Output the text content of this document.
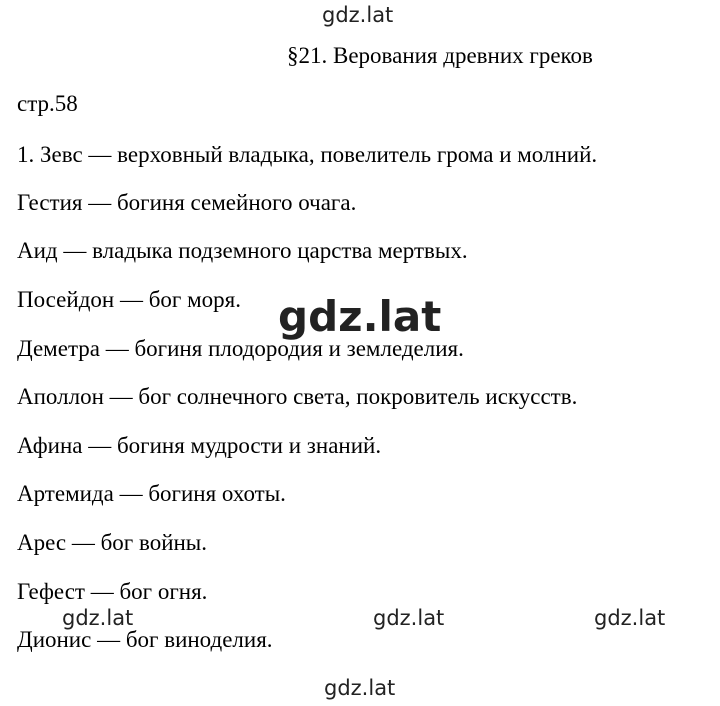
gdz.lat
§21. Верования древних греков
стр.58
1. Зевс — верховный владыка, повелитель грома и молний.
Гестия — богиня семейного очага.
Аид — владыка подземного царства мертвых.
Посейдон — бог моря.
Деметра — богиня плодородия и земледелия.
Аполлон — бог солнечного света, покровитель искусств.
Афина — богиня мудрости и знаний.
Артемида — богиня охоты.
Арес — бог войны.
Гефест — бог огня.
Дионис — бог виноделия.
gdz.lat
gdz.lat	gdz.lat	gdz.lat
gdz.lat
